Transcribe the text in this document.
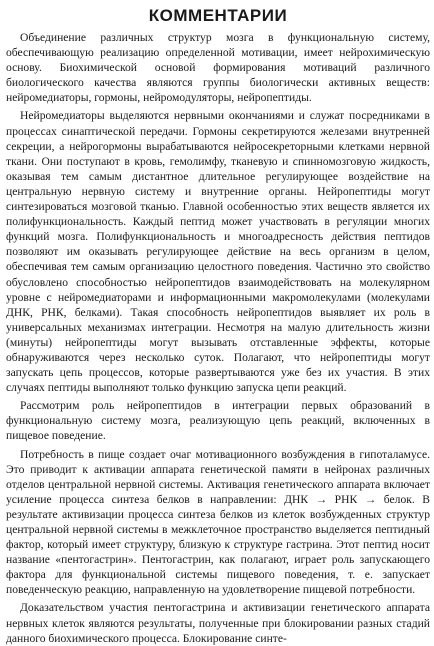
КОММЕНТАРИИ

Объединение различных структур мозга в функциональную систему, обеспечивающую реализацию определенной мотивации, имеет нейрохимическую основу. Биохимической основой формирования мотиваций различного биологического качества являются группы биологически активных веществ: нейромедиаторы, гормоны, нейромодуляторы, нейропептиды.

Нейромедиаторы выделяются нервными окончаниями и служат посредниками в процессах синаптической передачи. Гормоны секретируются железами внутренней секреции, а нейрогормоны вырабатываются нейросекреторными клетками нервной ткани. Они поступают в кровь, гемолимфу, тканевую и спинномозговую жидкость, оказывая тем самым дистантное длительное регулирующее воздействие на центральную нервную систему и внутренние органы. Нейропептиды могут синтезироваться мозговой тканью. Главной особенностью этих веществ является их полифункциональность. Каждый пептид может участвовать в регуляции многих функций мозга. Полифункциональность и многоадресность действия пептидов позволяют им оказывать регулирующее действие на весь организм в целом, обеспечивая тем самым организацию целостного поведения. Частично это свойство обусловлено способностью нейропептидов взаимодействовать на молекулярном уровне с нейромедиаторами и информационными макромолекулами (молекулами ДНК, РНК, белками). Такая способность нейропептидов выявляет их роль в универсальных механизмах интеграции. Несмотря на малую длительность жизни (минуты) нейропептиды могут вызывать отставленные эффекты, которые обнаруживаются через несколько суток. Полагают, что нейропептиды могут запускать цепь процессов, которые развертываются уже без их участия. В этих случаях пептиды выполняют только функцию запуска цепи реакций.

Рассмотрим роль нейропептидов в интеграции первых образований в функциональную систему мозга, реализующую цепь реакций, включенных в пищевое поведение.

Потребность в пище создает очаг мотивационного возбуждения в гипоталамусе. Это приводит к активации аппарата генетической памяти в нейронах различных отделов центральной нервной системы. Активация генетического аппарата включает усиление процесса синтеза белков в направлении: ДНК → РНК → белок. В результате активизации процесса синтеза белков из клеток возбужденных структур центральной нервной системы в межклеточное пространство выделяется пептидный фактор, который имеет структуру, близкую к структуре гастрина. Этот пептид носит название «пентогастрин». Пентогастрин, как полагают, играет роль запускающего фактора для функциональной системы пищевого поведения, т. е. запускает поведенческую реакцию, направленную на удовлетворение пищевой потребности.

Доказательством участия пентогастрина и активизации генетического аппарата нервных клеток являются результаты, полученные при блокировании разных стадий данного биохимического процесса. Блокирование синте-
